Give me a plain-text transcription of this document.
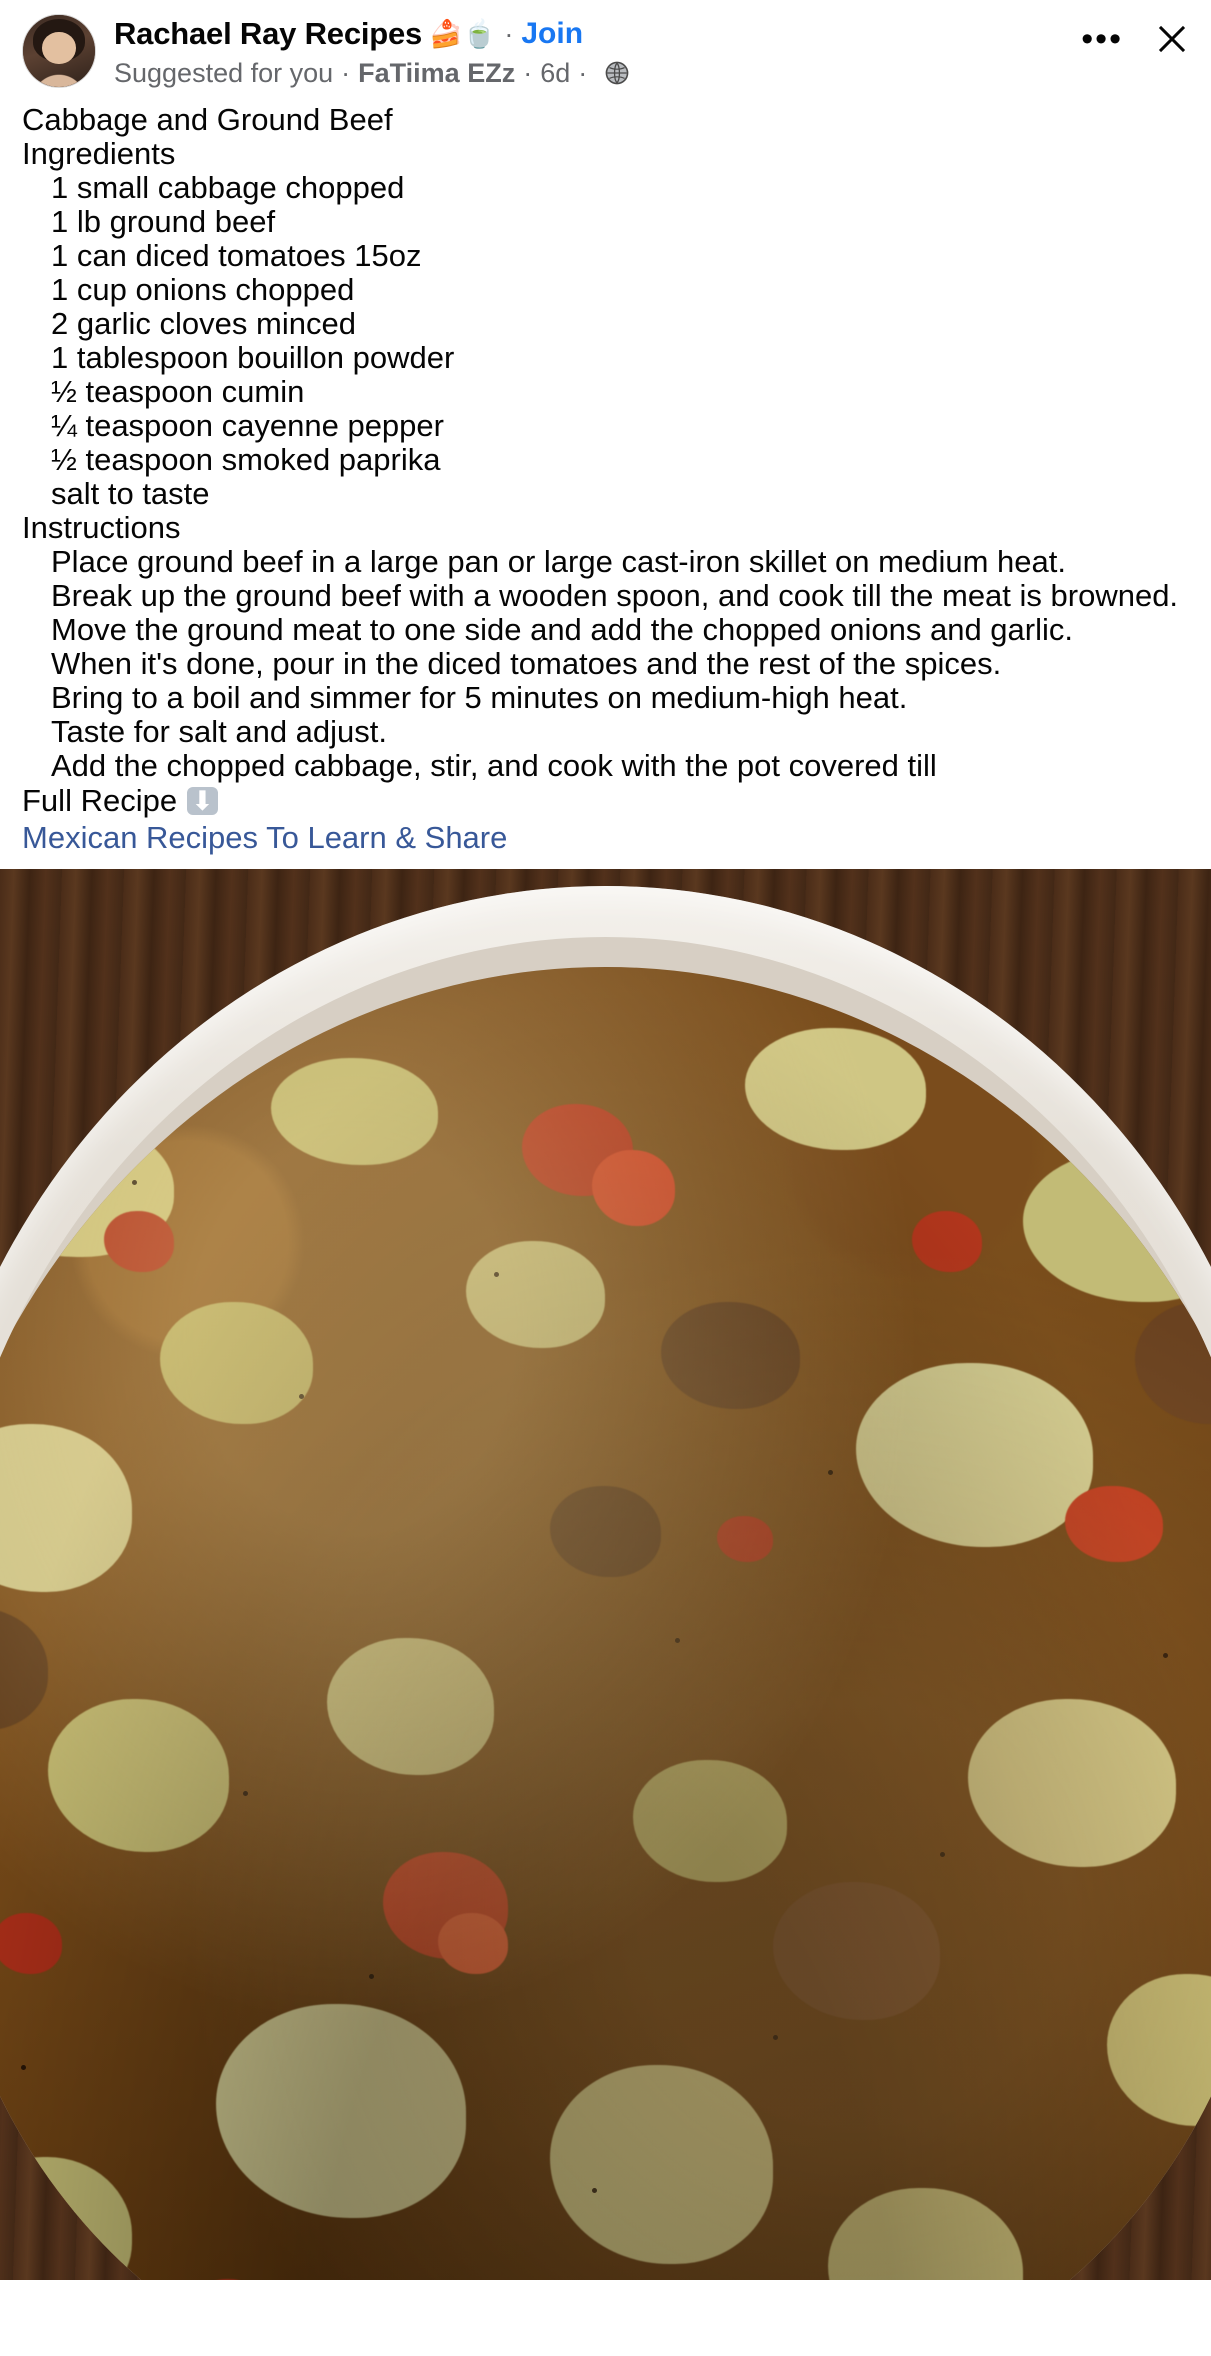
Rachael Ray Recipes 🍰🍵 · Join
Suggested for you · FaTiima EZz · 6d ·
•••
Cabbage and Ground Beef
Ingredients
1 small cabbage chopped
1 lb ground beef
1 can diced tomatoes 15oz
1 cup onions chopped
2 garlic cloves minced
1 tablespoon bouillon powder
½ teaspoon cumin
¼ teaspoon cayenne pepper
½ teaspoon smoked paprika
salt to taste
Instructions
Place ground beef in a large pan or large cast-iron skillet on medium heat.
Break up the ground beef with a wooden spoon, and cook till the meat is browned.
Move the ground meat to one side and add the chopped onions and garlic.
When it's done, pour in the diced tomatoes and the rest of the spices.
Bring to a boil and simmer for 5 minutes on medium-high heat.
Taste for salt and adjust.
Add the chopped cabbage, stir, and cook with the pot covered till
Full Recipe ⬇
Mexican Recipes To Learn & Share
